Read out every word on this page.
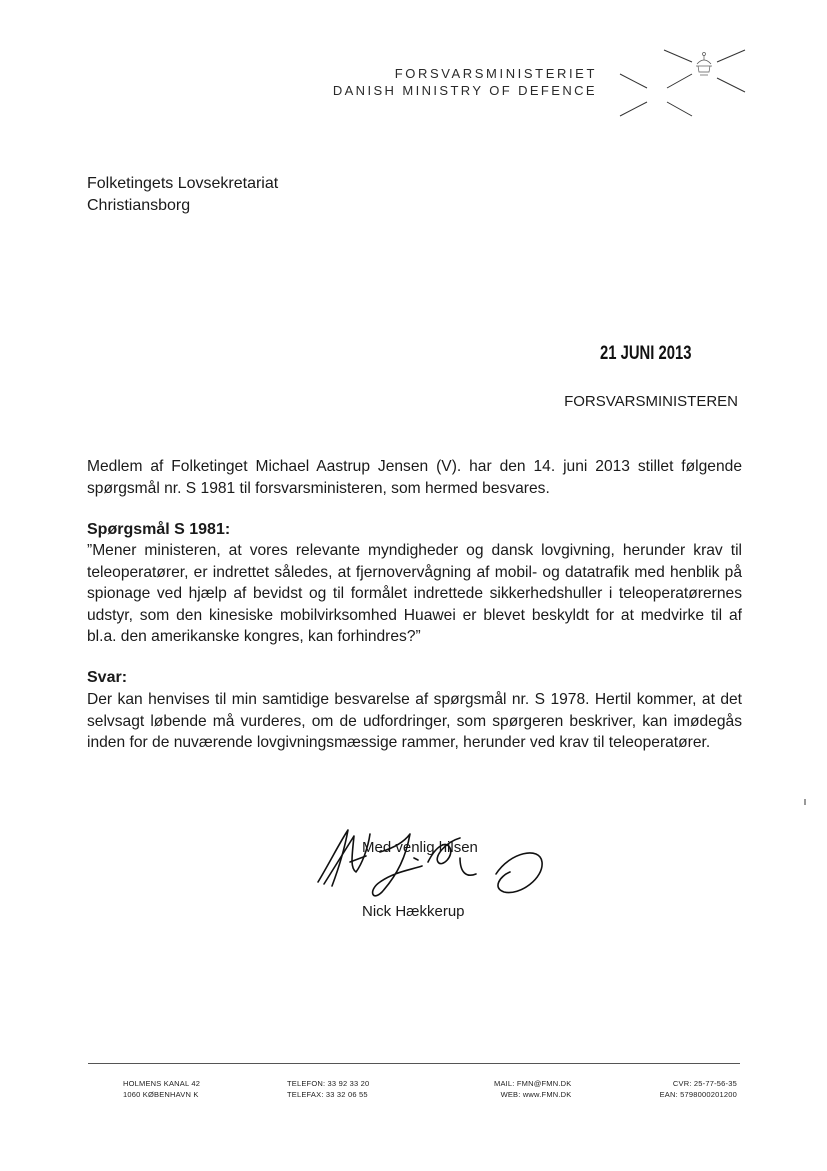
FORSVARSMINISTERIET
DANISH MINISTRY OF DEFENCE
Folketingets Lovsekretariat
Christiansborg
21 JUNI 2013
FORSVARSMINISTEREN
Medlem af Folketinget Michael Aastrup Jensen (V). har den 14. juni 2013 stillet følgende spørgsmål nr. S 1981 til forsvarsministeren, som hermed besvares.
Spørgsmål S 1981:
”Mener ministeren, at vores relevante myndigheder og dansk lovgivning, herunder krav til teleoperatører, er indrettet således, at fjernovervågning af mobil- og datatrafik med henblik på spionage ved hjælp af bevidst og til formålet indrettede sikkerhedshuller i teleoperatørernes udstyr, som den kinesiske mobilvirksomhed Huawei er blevet beskyldt for at medvirke til af bl.a. den amerikanske kongres, kan forhindres?”
Svar:
Der kan henvises til min samtidige besvarelse af spørgsmål nr. S 1978. Hertil kommer, at det selvsagt løbende må vurderes, om de udfordringer, som spørgeren beskriver, kan imødegås inden for de nuværende lovgivningsmæssige rammer, herunder ved krav til teleoperatører.
Med venlig hilsen
Nick Hækkerup
HOLMENS KANAL 42
1060 KØBENHAVN K
TELEFON: 33 92 33 20
TELEFAX: 33 32 06 55
MAIL: FMN@FMN.DK
WEB: www.FMN.DK
CVR: 25-77-56-35
EAN: 5798000201200
